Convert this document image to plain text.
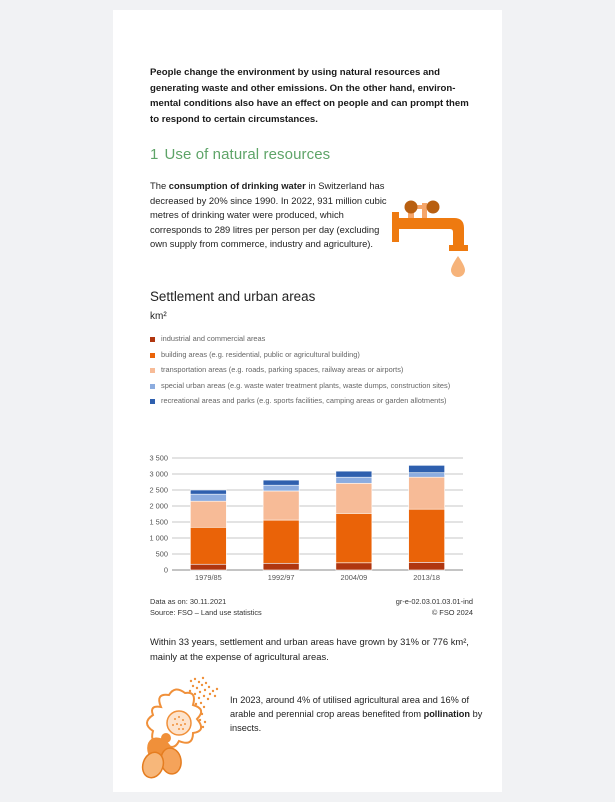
People change the environment by using natural resources and generating waste and other emissions. On the other hand, environ-mental conditions also have an effect on people and can prompt them to respond to certain circumstances.
1 Use of natural resources
The consumption of drinking water in Switzerland has decreased by 20% since 1990. In 2022, 931 million cubic metres of drinking water were produced, which corresponds to 289 litres per person per day (excluding own supply from commerce, industry and agriculture).
Settlement and urban areas
km²
industrial and commercial areas
building areas (e.g. residential, public or agricultural building)
transportation areas (e.g. roads, parking spaces, railway areas or airports)
special urban areas (e.g. waste water treatment plants, waste dumps, construction sites)
recreational areas and parks (e.g. sports facilities, camping areas or garden allotments)
0
500
1 000
1 500
2 000
2 500
3 000
3 500
1979/85	1992/97	2004/09	2013/18
Data as on: 30.11.2021
Source: FSO – Land use statistics
gr-e-02.03.01.03.01-ind
© FSO 2024
Within 33 years, settlement and urban areas have grown by 31% or 776 km², mainly at the expense of agricultural areas.
In 2023, around 4% of utilised agricultural area and 16% of arable and perennial crop areas benefited from pollination by insects.
